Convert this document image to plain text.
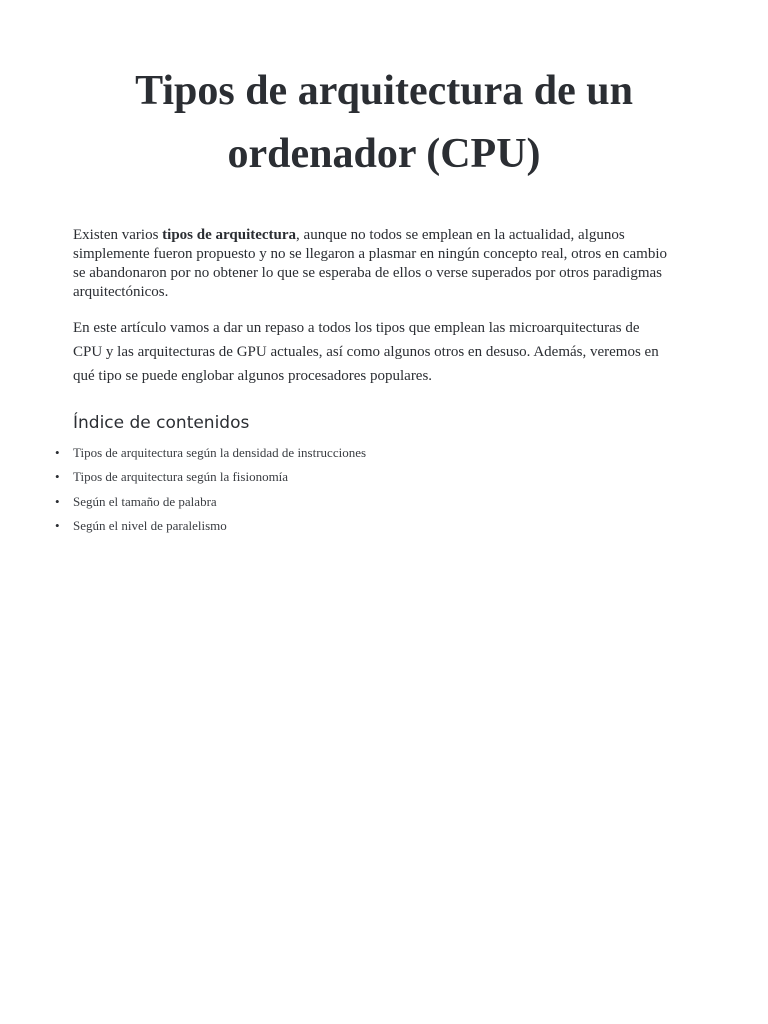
Tipos de arquitectura de un
ordenador (CPU)

Existen varios tipos de arquitectura, aunque no todos se emplean en la actualidad, algunos
simplemente fueron propuesto y no se llegaron a plasmar en ningún concepto real, otros en cambio
se abandonaron por no obtener lo que se esperaba de ellos o verse superados por otros paradigmas
arquitectónicos.

En este artículo vamos a dar un repaso a todos los tipos que emplean las microarquitecturas de
CPU y las arquitecturas de GPU actuales, así como algunos otros en desuso. Además, veremos en
qué tipo se puede englobar algunos procesadores populares.

Índice de contenidos
• Tipos de arquitectura según la densidad de instrucciones
• Tipos de arquitectura según la fisionomía
• Según el tamaño de palabra
• Según el nivel de paralelismo
